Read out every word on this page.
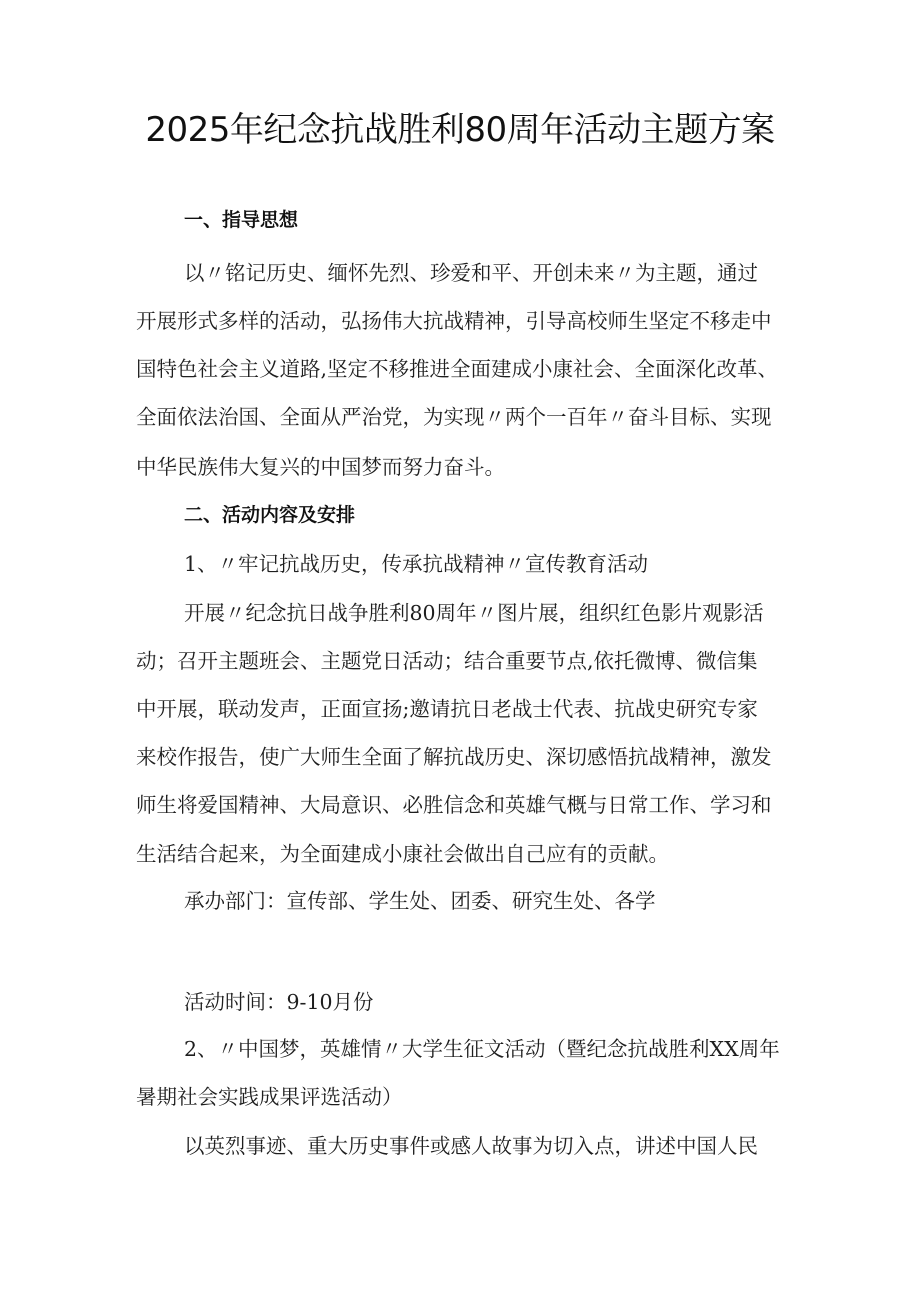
2025年纪念抗战胜利80周年活动主题方案
一、指导思想
以〃铭记历史、缅怀先烈、珍爱和平、开创未来〃为主题，通过
开展形式多样的活动，弘扬伟大抗战精神，引导高校师生坚定不移走中
国特色社会主义道路,坚定不移推进全面建成小康社会、全面深化改革、
全面依法治国、全面从严治党，为实现〃两个一百年〃奋斗目标、实现
中华民族伟大复兴的中国梦而努力奋斗。
二、活动内容及安排
1、〃牢记抗战历史，传承抗战精神〃宣传教育活动
开展〃纪念抗日战争胜利80周年〃图片展，组织红色影片观影活
动；召开主题班会、主题党日活动；结合重要节点,依托微博、微信集
中开展，联动发声，正面宣扬;邀请抗日老战士代表、抗战史研究专家
来校作报告，使广大师生全面了解抗战历史、深切感悟抗战精神，激发
师生将爱国精神、大局意识、必胜信念和英雄气概与日常工作、学习和
生活结合起来，为全面建成小康社会做出自己应有的贡献。
承办部门：宣传部、学生处、团委、研究生处、各学
活动时间：9-10月份
2、〃中国梦，英雄情〃大学生征文活动（暨纪念抗战胜利XX周年
暑期社会实践成果评选活动）
以英烈事迹、重大历史事件或感人故事为切入点，讲述中国人民
